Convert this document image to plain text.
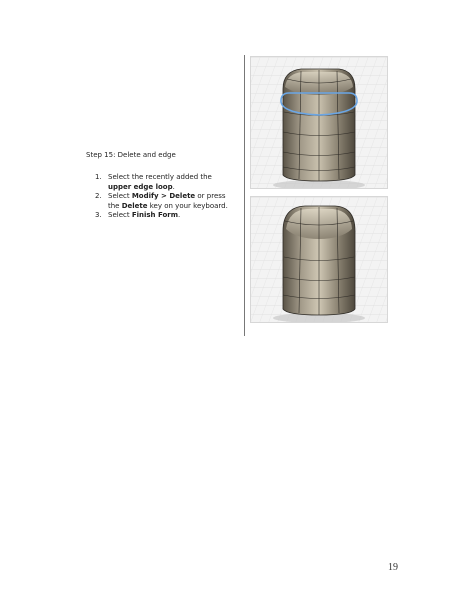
Step 15: Delete and edge
1. Select the recently added the upper edge loop.
2. Select Modify > Delete or press the Delete key on your keyboard.
3. Select Finish Form.
19
